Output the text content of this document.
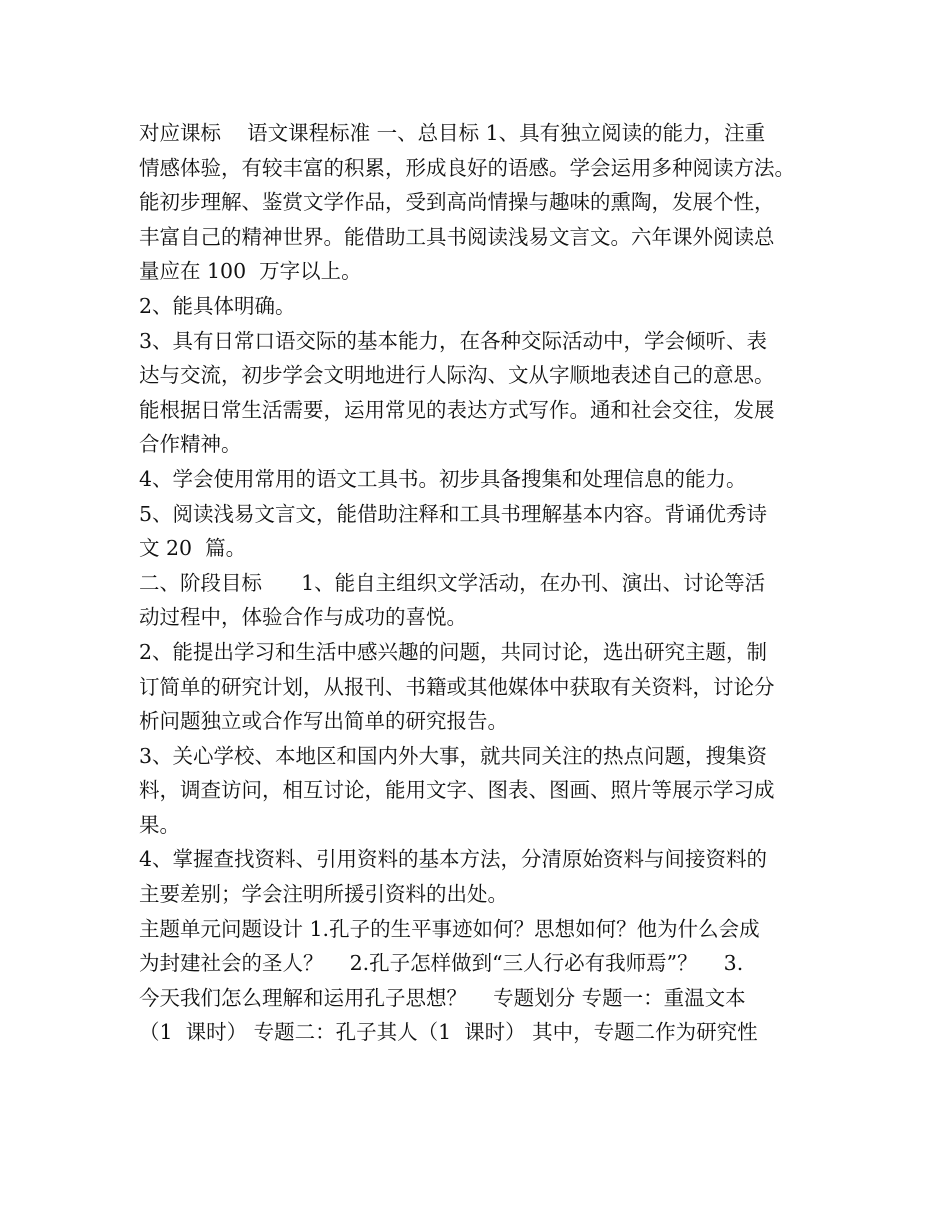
对应课标    语文课程标准 一、总目标 1、具有独立阅读的能力，注重
情感体验，有较丰富的积累，形成良好的语感。学会运用多种阅读方法。
能初步理解、鉴赏文学作品，受到高尚情操与趣味的熏陶，发展个性，
丰富自己的精神世界。能借助工具书阅读浅易文言文。六年课外阅读总
量应在 100  万字以上。
2、能具体明确。
3、具有日常口语交际的基本能力，在各种交际活动中，学会倾听、表
达与交流，初步学会文明地进行人际沟、文从字顺地表述自己的意思。
能根据日常生活需要，运用常见的表达方式写作。通和社会交往，发展
合作精神。
4、学会使用常用的语文工具书。初步具备搜集和处理信息的能力。
5、阅读浅易文言文，能借助注释和工具书理解基本内容。背诵优秀诗
文 20  篇。
二、阶段目标      1、能自主组织文学活动，在办刊、演出、讨论等活
动过程中，体验合作与成功的喜悦。
2、能提出学习和生活中感兴趣的问题，共同讨论，选出研究主题，制
订简单的研究计划，从报刊、书籍或其他媒体中获取有关资料，讨论分
析问题独立或合作写出简单的研究报告。
3、关心学校、本地区和国内外大事，就共同关注的热点问题，搜集资
料，调查访问，相互讨论，能用文字、图表、图画、照片等展示学习成
果。
4、掌握查找资料、引用资料的基本方法，分清原始资料与间接资料的
主要差别；学会注明所援引资料的出处。
主题单元问题设计 1.孔子的生平事迹如何？思想如何？他为什么会成
为封建社会的圣人？    2.孔子怎样做到“三人行必有我师焉”？    3.
今天我们怎么理解和运用孔子思想？    专题划分 专题一：重温文本
（1  课时） 专题二：孔子其人（1  课时） 其中，专题二作为研究性
